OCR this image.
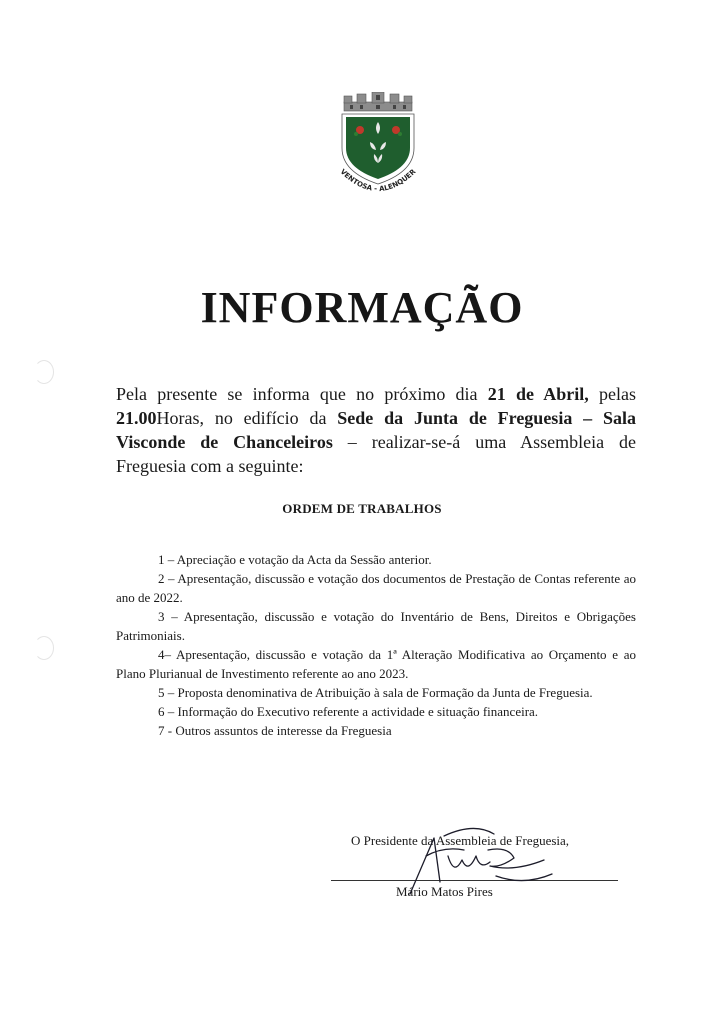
VENTOSA - ALENQUER
INFORMAÇÃO

Pela presente se informa que no próximo dia 21 de Abril, pelas 21.00Horas, no edifício da Sede da Junta de Freguesia – Sala Visconde de Chanceleiros – realizar-se-á uma Assembleia de Freguesia com a seguinte:

ORDEM DE TRABALHOS

1 – Apreciação e votação da Acta da Sessão anterior.

2 – Apresentação, discussão e votação dos documentos de Prestação de Contas referente ao ano de 2022.

3 – Apresentação, discussão e votação do Inventário de Bens, Direitos e Obrigações Patrimoniais.

4– Apresentação, discussão e votação da 1ª Alteração Modificativa ao Orçamento e ao Plano Plurianual de Investimento referente ao ano 2023.

5 – Proposta denominativa de Atribuição à sala de Formação da Junta de Freguesia.

6 – Informação do Executivo referente a actividade e situação financeira.

7 - Outros assuntos de interesse da Freguesia

O Presidente da Assembleia de Freguesia,
Mário Matos Pires
